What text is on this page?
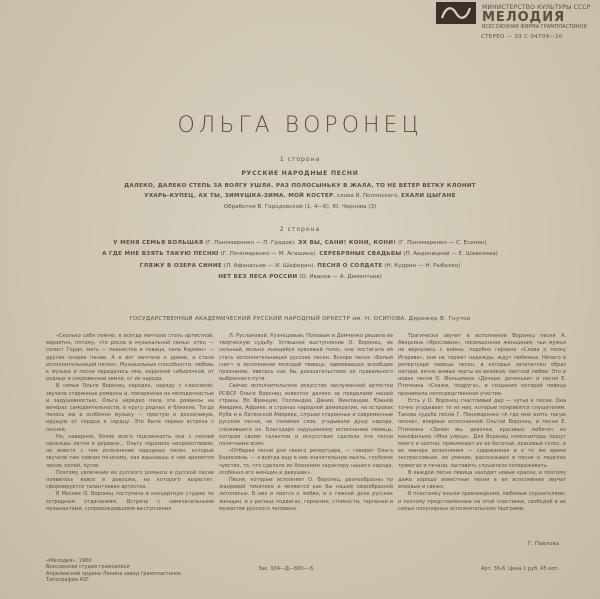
МИНИСТЕРСТВО КУЛЬТУРЫ СССР
МЕЛОДИЯ
ВСЕСОЮЗНАЯ ФИРМА ГРАМПЛАСТИНОК
СТЕРЕО — 33 С 04709—10
ОЛЬГА ВОРОНЕЦ
1 сторона
РУССКИЕ НАРОДНЫЕ ПЕСНИ
ДАЛЕКО, ДАЛЕКО СТЕПЬ ЗА ВОЛГУ УШЛА. РАЗ ПОЛОСЫНЬКУ В ЖАЛА. ТО НЕ ВЕТЕР ВЕТКУ КЛОНИТ
УХАРЬ-КУПЕЦ. АХ ТЫ, ЗИМУШКА-ЗИМА. МОЙ КОСТЕР, слова Я. Полонского. ЕХАЛИ ЦЫГАНЕ
Обработки В. Городовской (1, 4—6), Ю. Чернова (3)
2 сторона
У МЕНЯ СЕМЬЯ БОЛЬШАЯ (Г. Пономаренко — П. Градов). ЭХ ВЫ, САНИ! КОНИ, КОНИ! (Г. Пономаренко — С. Есенин)
А ГДЕ МНЕ ВЗЯТЬ ТАКУЮ ПЕСНЮ (Г. Пономаренко — М. Агашина). СЕРЕБРЯНЫЕ СВАДЬБЫ (П. Аедоницкий — Е. Шевелева)
ГЛЯЖУ В ОЗЕРА СИНИЕ (Л. Афанасьев — И. Шаферан). ПЕСНЯ О СОЛДАТЕ (Н. Кудрин — Н. Рыбалко)
НЕТ БЕЗ ЛЕСА РОССИИ (О. Иванов — А. Дементьев)
ГОСУДАРСТВЕННЫЙ АКАДЕМИЧЕСКИЙ РУССКИЙ НАРОДНЫЙ ОРКЕСТР им. Н. ОСИПОВА. Дирижер В. Гнутов

«Сколько себя помню, в всегда мечтала стать артисткой, вероятно, потому, что росла в музыкальной семье: отец — солист Гордо, мать — пианистка и певица, пела Кармен» — другие скорее пение. А в вот мечтала о драме, а стала исполнительницей песен». Музыкальные способности, любовь к музыке и песне передались мне, коренной сибирячкой, от родных и сокровенной земли, от их народа.

В семье Ольги Воронец нередко, наряду с классикой, звучала старинные романсы и, покоренная их мелодичностью и задушевностью, Ольга нередко пела эти романсы на вечерах самодеятельности, в кругу родных и близких. Тогда пелось ею в особенно музыку — простую и доходчивую, идущую от сердца к сердцу. Это была первая встреча с песней.

Но, наверное, более всего подлинность она с песней однажды летом в деревне... Ольгу поразило неприхотливое, но вместе с тем исполнение народных песен, которые звучали там совсем по-иному, как вдыхаешь в них ароматом лесов, полей, лугов.

Поэтому увлечение ее русского романса и русской песни появилось вовсе в девушке, на которого вырастет, сформируется талантливая артистка.

В Москве О. Воронец поступила в концертную студию по эстрадным отделениям. Встреча с замечательными музыкантами, сопровождавшими выступления

Л. Руслановой, Кузнецовым, Поповым и Демченко решила ее творческую судьбу. Успешное выступление О. Воронец, ее сильный, вольно льющийся красивый голос, она постигала ей стать исполнительницей русских песен. Вскоре песня «Белый снег» в исполнении молодой певицы, завоевавшая всеобщее признание, явилась как бы доказательством ее правильного выбранного пути.

Сейчас исполнительское искусство заслуженной артистки РСФСР Ольги Воронец известно далеко за пределами нашей страны. Во Франции, Голландии, Дании, Финляндии, Южной Америке, Африке, в странах народной демократии, на островах Куба и в Латинской Америке, слушая старинные и современные русские песни, не понимая слов, угадывали душу народа, сложившего их. Благодаря задушевному исполнению певицы, которая своим талантом и искусством сделала эти песни понятными всем.

«Отбирая песни для своего репертуара, — говорит Ольга Борисовна, — я всегда ищу в них значительную мысль, глубокое чувство, то, что сделало их близкими характеру нашего народа, особенно его женщин и девушек».

Песни, которые исполняет О. Воронец, разнообразны по жанровой тематике и являются как бы нашей своеобразной летописью. В них и поется о любви, и о тяжкой доле русских женщин, и о ратных подвигах, героизме, стойкости, терпении и мужестве русского человека.

Трагически звучит в исполнении Воронец песня А. Аверкина «Ярославна», посвященная женщинам, чьи мужья не вернулись с войны; подобно героине «Слова о полку Игореве», они не теряют надежды, ждут любимых. Ничего в репертуаре певицы песен, в которых запечатлен образ матери, вечно живые черты ее великой, светлой любви. Это и новая песня О. Фельцмана «Дочери, доченьки» и песня Е. Птичкина «Скажи, подруга», в создании которой певица принимала непосредственное участие.

Есть у О. Воронец счастливый дар — чутье к песне. Она точно угадывает те из них, которые понравятся слушателям. Такова судьба песни Г. Пономаренко «А где мне взять такую песню», впервые исполненной Ольгой Воронец, и песни Е. Птичкина «Зачем вы, девочки, красивых любите» из кинофильма «Моя улица». Для Воронец композиторы пишут много и охотно; привлекают их ее богатый, красивый голос, и ее манера исполнения — сдержанная и в то же время экспрессивная, ее умение, рассказывая в песне о людских тревогах и печали, заставить слушателя сопереживать.

В каждой песне певица находит новые краски, и поэтому даже хорошо известные песни в ее исполнении звучат впервые и свежо.

В пластинку вошли произведения, любимые слушателями, и поэтому представленные на этой пластинке, свободой в ее самых популярных исполнительских программ.

Г. Павлова
«Мелодия», 1980
Всесоюзная студия грамзаписи
Апрелевский ордена Ленина завод грампластинок
Типография АЗГ
Зак. 934—Д—800— 6	Арт. 36-8. Цена 1 руб. 45 коп.
